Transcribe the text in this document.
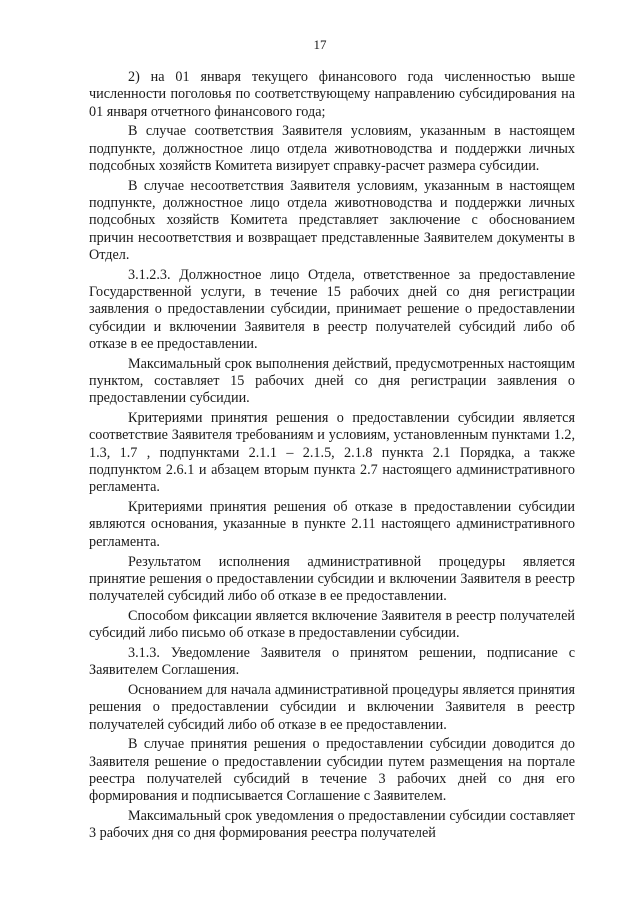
17

2) на 01 января текущего финансового года численностью выше численности поголовья по соответствующему направлению субсидирования на 01 января отчетного финансового года;

В случае соответствия Заявителя условиям, указанным в настоящем подпункте, должностное лицо отдела животноводства и поддержки личных подсобных хозяйств Комитета визирует справку-расчет размера субсидии.

В случае несоответствия Заявителя условиям, указанным в настоящем подпункте, должностное лицо отдела животноводства и поддержки личных подсобных хозяйств Комитета представляет заключение с обоснованием причин несоответствия и возвращает представленные Заявителем документы в Отдел.

3.1.2.3. Должностное лицо Отдела, ответственное за предоставление Государственной услуги, в течение 15 рабочих дней со дня регистрации заявления о предоставлении субсидии, принимает решение о предоставлении субсидии и включении Заявителя в реестр получателей субсидий либо об отказе в ее предоставлении.

Максимальный срок выполнения действий, предусмотренных настоящим пунктом, составляет 15 рабочих дней со дня регистрации заявления о предоставлении субсидии.

Критериями принятия решения о предоставлении субсидии является соответствие Заявителя требованиям и условиям, установленным пунктами 1.2, 1.3, 1.7 , подпунктами 2.1.1 – 2.1.5, 2.1.8 пункта 2.1 Порядка, а также подпунктом 2.6.1 и абзацем вторым пункта 2.7 настоящего административного регламента.

Критериями принятия решения об отказе в предоставлении субсидии являются основания, указанные в пункте 2.11 настоящего административного регламента.

Результатом исполнения административной процедуры является принятие решения о предоставлении субсидии и включении Заявителя в реестр получателей субсидий либо об отказе в ее предоставлении.

Способом фиксации является включение Заявителя в реестр получателей субсидий либо письмо об отказе в предоставлении субсидии.

3.1.3. Уведомление Заявителя о принятом решении, подписание с Заявителем Соглашения.

Основанием для начала административной процедуры является принятия решения о предоставлении субсидии и включении Заявителя в реестр получателей субсидий либо об отказе в ее предоставлении.

В случае принятия решения о предоставлении субсидии доводится до Заявителя решение о предоставлении субсидии путем размещения на портале реестра получателей субсидий в течение 3 рабочих дней со дня его формирования и подписывается Соглашение с Заявителем.

Максимальный срок уведомления о предоставлении субсидии составляет 3 рабочих дня со дня формирования реестра получателей
